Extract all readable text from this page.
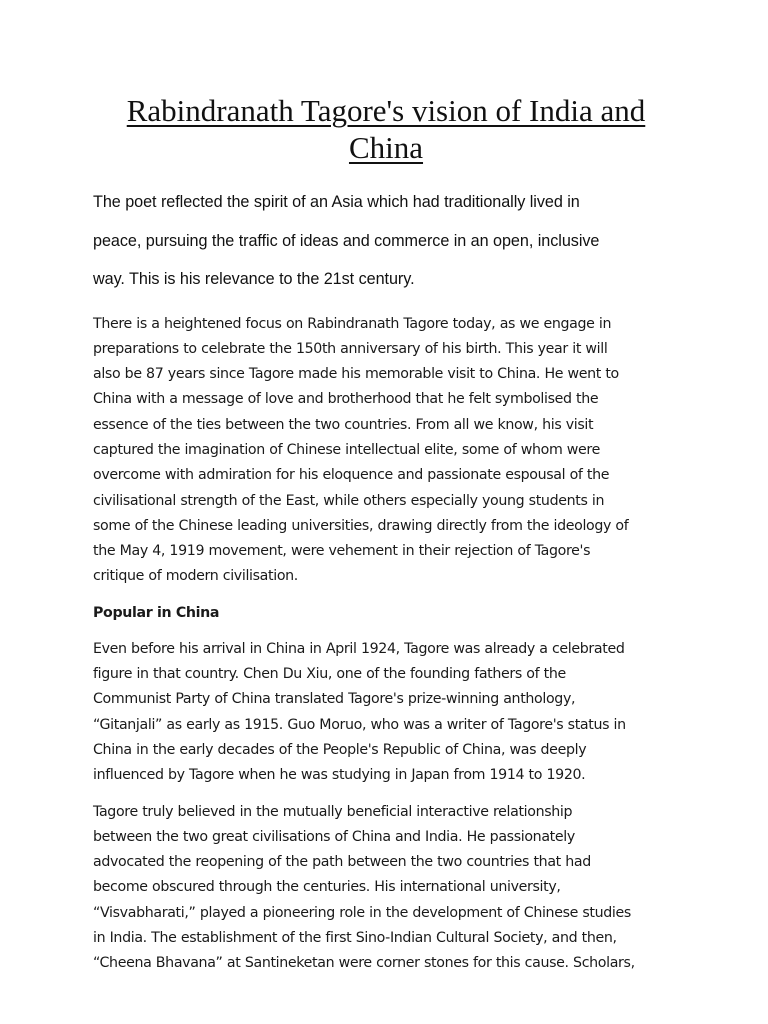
Rabindranath Tagore's vision of India and
China
The poet reflected the spirit of an Asia which had traditionally lived in
peace, pursuing the traffic of ideas and commerce in an open, inclusive
way. This is his relevance to the 21st century.

There is a heightened focus on Rabindranath Tagore today, as we engage in
preparations to celebrate the 150th anniversary of his birth. This year it will
also be 87 years since Tagore made his memorable visit to China. He went to
China with a message of love and brotherhood that he felt symbolised the
essence of the ties between the two countries. From all we know, his visit
captured the imagination of Chinese intellectual elite, some of whom were
overcome with admiration for his eloquence and passionate espousal of the
civilisational strength of the East, while others especially young students in
some of the Chinese leading universities, drawing directly from the ideology of
the May 4, 1919 movement, were vehement in their rejection of Tagore's
critique of modern civilisation.

Popular in China

Even before his arrival in China in April 1924, Tagore was already a celebrated
figure in that country. Chen Du Xiu, one of the founding fathers of the
Communist Party of China translated Tagore's prize-winning anthology,
“Gitanjali” as early as 1915. Guo Moruo, who was a writer of Tagore's status in
China in the early decades of the People's Republic of China, was deeply
influenced by Tagore when he was studying in Japan from 1914 to 1920.

Tagore truly believed in the mutually beneficial interactive relationship
between the two great civilisations of China and India. He passionately
advocated the reopening of the path between the two countries that had
become obscured through the centuries. His international university,
“Visvabharati,” played a pioneering role in the development of Chinese studies
in India. The establishment of the first Sino-Indian Cultural Society, and then,
“Cheena Bhavana” at Santineketan were corner stones for this cause. Scholars,
